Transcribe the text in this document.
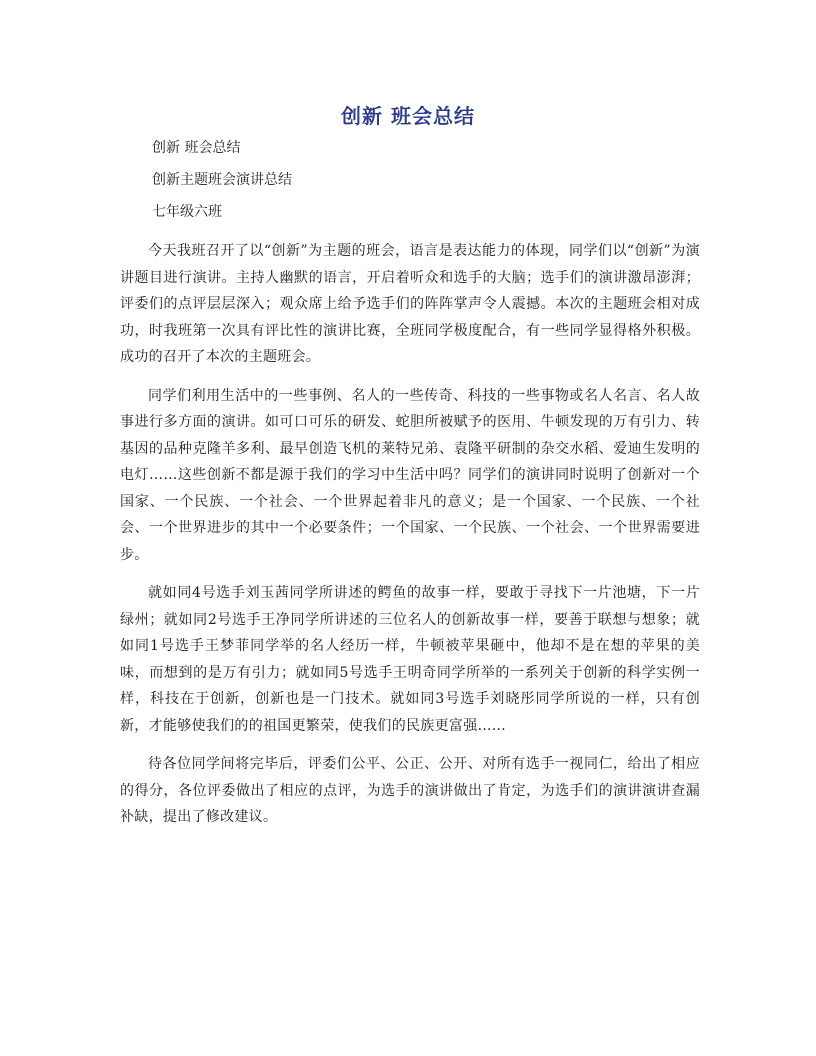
创新 班会总结

创新 班会总结

创新主题班会演讲总结

七年级六班

今天我班召开了以“创新”为主题的班会，语言是表达能力的体现，同学们以“创新”为演讲题目进行演讲。主持人幽默的语言，开启着听众和选手的大脑；选手们的演讲激昂澎湃；评委们的点评层层深入；观众席上给予选手们的阵阵掌声令人震撼。本次的主题班会相对成功，时我班第一次具有评比性的演讲比赛，全班同学极度配合，有一些同学显得格外积极。成功的召开了本次的主题班会。

同学们利用生活中的一些事例、名人的一些传奇、科技的一些事物或名人名言、名人故事进行多方面的演讲。如可口可乐的研发、蛇胆所被赋予的医用、牛顿发现的万有引力、转基因的品种克隆羊多利、最早创造飞机的莱特兄弟、袁隆平研制的杂交水稻、爱迪生发明的电灯……这些创新不都是源于我们的学习中生活中吗？同学们的演讲同时说明了创新对一个国家、一个民族、一个社会、一个世界起着非凡的意义；是一个国家、一个民族、一个社会、一个世界进步的其中一个必要条件；一个国家、一个民族、一个社会、一个世界需要进步。

就如同4号选手刘玉茜同学所讲述的鳄鱼的故事一样，要敢于寻找下一片池塘，下一片绿州；就如同2号选手王净同学所讲述的三位名人的创新故事一样，要善于联想与想象；就如同1号选手王梦菲同学举的名人经历一样，牛顿被苹果砸中，他却不是在想的苹果的美味，而想到的是万有引力；就如同5号选手王明奇同学所举的一系列关于创新的科学实例一样，科技在于创新，创新也是一门技术。就如同3号选手刘晓彤同学所说的一样，只有创新，才能够使我们的的祖国更繁荣，使我们的民族更富强……

待各位同学间将完毕后，评委们公平、公正、公开、对所有选手一视同仁，给出了相应的得分，各位评委做出了相应的点评，为选手的演讲做出了肯定，为选手们的演讲演讲查漏补缺，提出了修改建议。
